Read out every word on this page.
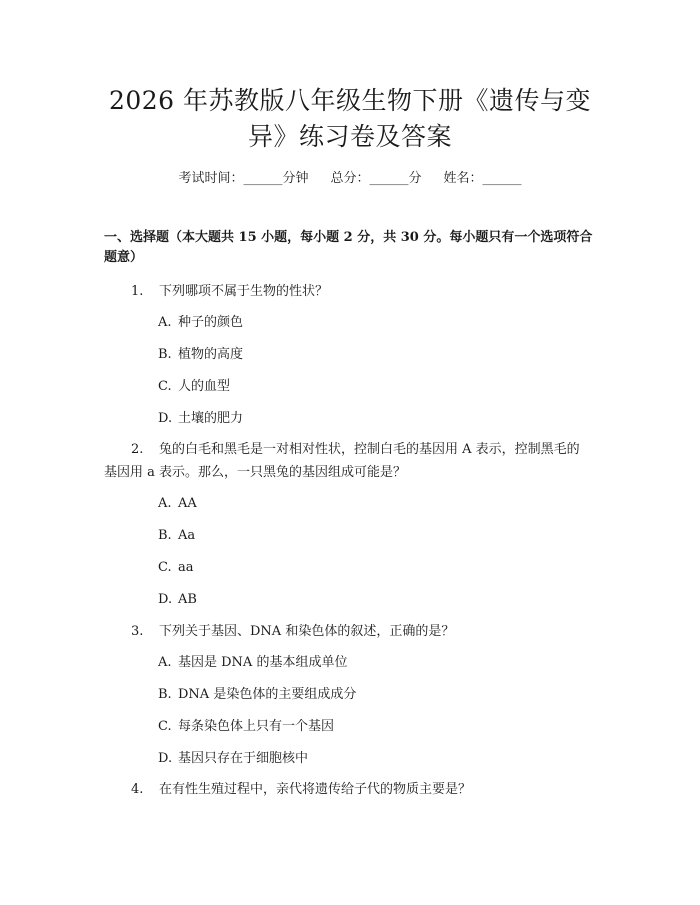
2026 年苏教版八年级生物下册《遗传与变
异》练习卷及答案
考试时间：______分钟 总分：______分 姓名：______
一、选择题（本大题共 15 小题，每小题 2 分，共 30 分。每小题只有一个选项符合题意）
1. 下列哪项不属于生物的性状？
A. 种子的颜色
B. 植物的高度
C. 人的血型
D. 土壤的肥力
2. 兔的白毛和黑毛是一对相对性状，控制白毛的基因用 A 表示，控制黑毛的
基因用 a 表示。那么，一只黑兔的基因组成可能是？
A. AA
B. Aa
C. aa
D. AB
3. 下列关于基因、DNA 和染色体的叙述，正确的是？
A. 基因是 DNA 的基本组成单位
B. DNA 是染色体的主要组成成分
C. 每条染色体上只有一个基因
D. 基因只存在于细胞核中
4. 在有性生殖过程中，亲代将遗传给子代的物质主要是？
